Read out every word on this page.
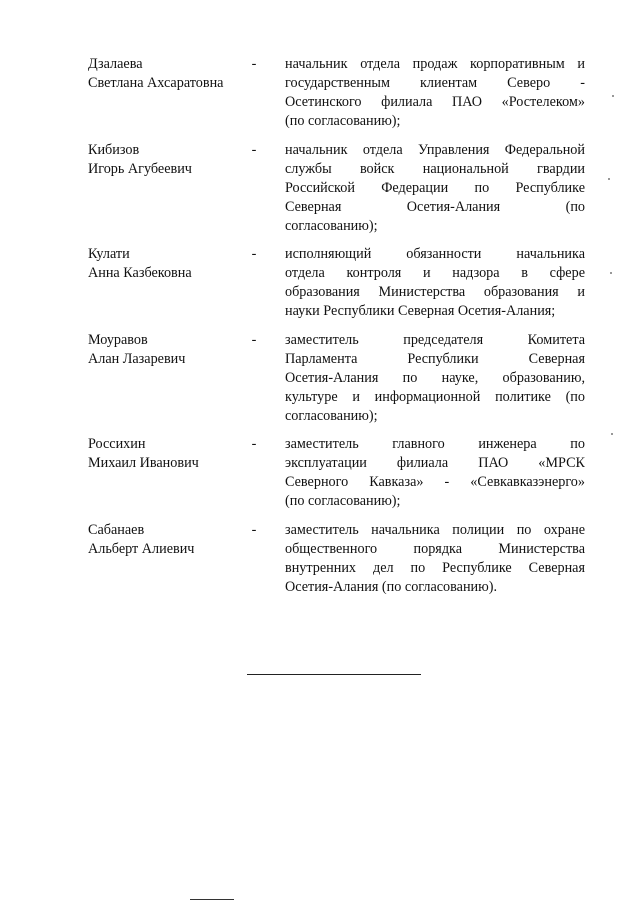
Дзалаева
Светлана Ахсаратовна
- начальник отдела продаж корпоративным и
государственным клиентам Северо -
Осетинского филиала ПАО «Ростелеком»
(по согласованию);
Кибизов
Игорь Агубеевич
- начальник отдела Управления Федеральной
службы войск национальной гвардии
Российской Федерации по Республике
Северная Осетия-Алания (по
согласованию);
Кулати
Анна Казбековна
- исполняющий обязанности начальника
отдела контроля и надзора в сфере
образования Министерства образования и
науки Республики Северная Осетия-Алания;
Моуравов
Алан Лазаревич
- заместитель председателя Комитета
Парламента Республики Северная
Осетия-Алания по науке, образованию,
культуре и информационной политике (по
согласованию);
Россихин
Михаил Иванович
- заместитель главного инженера по
эксплуатации филиала ПАО «МРСК
Северного Кавказа» - «Севкавказэнерго»
(по согласованию);
Сабанаев
Альберт Алиевич
- заместитель начальника полиции по охране
общественного порядка Министерства
внутренних дел по Республике Северная
Осетия-Алания (по согласованию).
